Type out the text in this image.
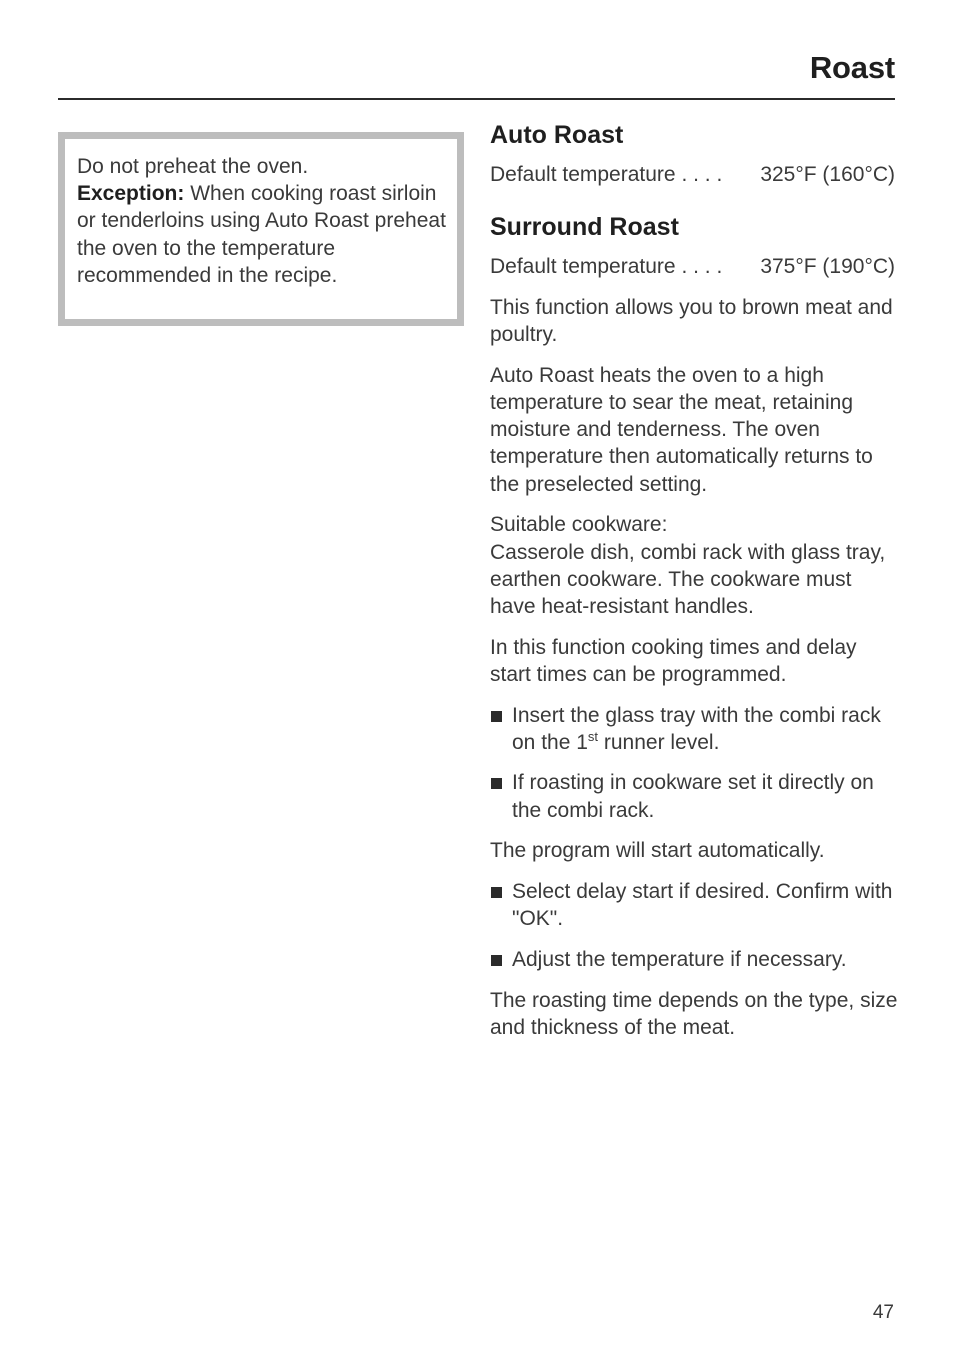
Roast

Do not preheat the oven.
Exception: When cooking roast sirloin or tenderloins using Auto Roast preheat the oven to the temperature recommended in the recipe.

Auto Roast
Default temperature . . . . 325°F (160°C)
Surround Roast
Default temperature . . . . 375°F (190°C)

This function allows you to brown meat and poultry.

Auto Roast heats the oven to a high temperature to sear the meat, retaining moisture and tenderness. The oven temperature then automatically returns to the preselected setting.

Suitable cookware:
Casserole dish, combi rack with glass tray, earthen cookware. The cookware must have heat-resistant handles.

In this function cooking times and delay start times can be programmed.

Insert the glass tray with the combi rack on the 1st runner level.
If roasting in cookware set it directly on the combi rack.

The program will start automatically.

Select delay start if desired. Confirm with "OK".
Adjust the temperature if necessary.

The roasting time depends on the type, size and thickness of the meat.

47
